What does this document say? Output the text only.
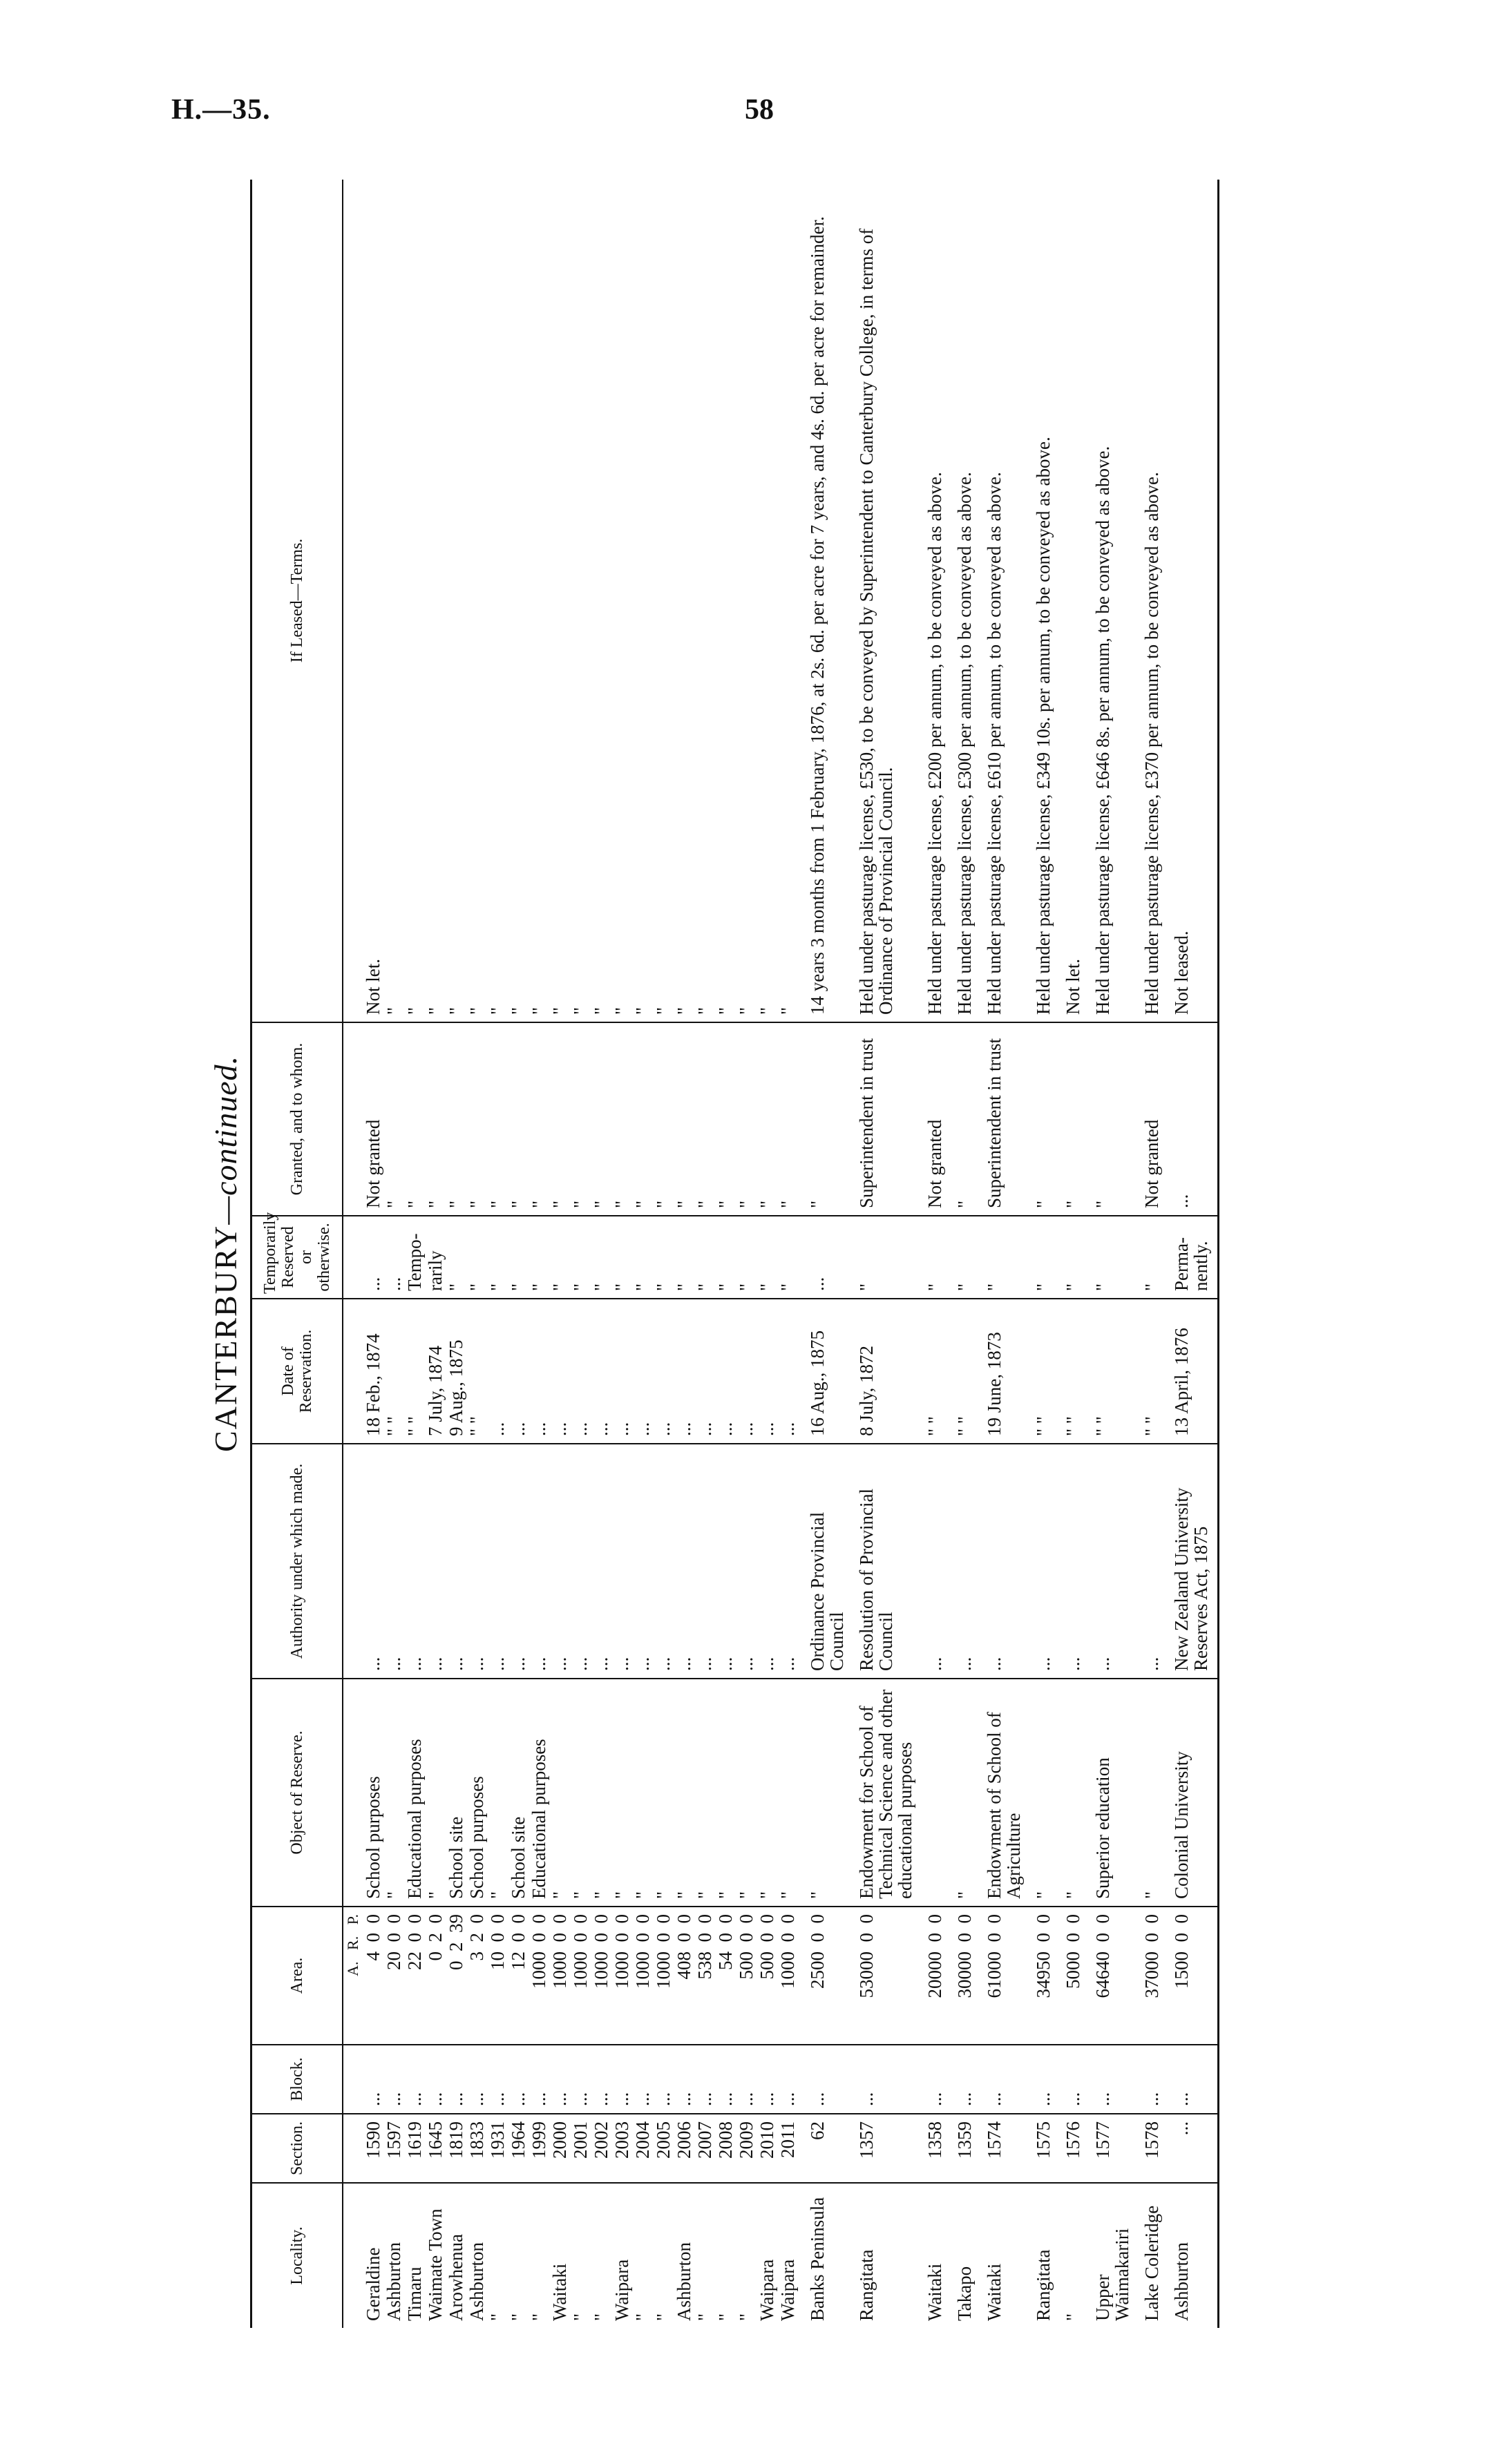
H.—35.	58
CANTERBURY—continued.
Locality.	Section.	Block.	Area.	Object of Reserve.	Authority under which made.	Date of Reservation.	Temporarily Reserved or otherwise.	Granted, and to whom.	If Leased—Terms.
			A.   R.   P.						
Geraldine	1590	...	4  0  0	School purposes	...	18 Feb., 1874	...	Not granted	Not let.
Ashburton	1597	...	20  0  0	"	...	" "	...	"	"
Timaru	1619	...	22  0  0	Educational purposes	...	" "	Tempo-	"	"
Waimate Town	1645	...	0  2  0	"	...	7 July, 1874	rarily	"	"
Arowhenua	1819	...	0  2  39	School site	...	9 Aug., 1875	"	"	"
Ashburton	1833	...	3  2  0	School purposes	...	" "	"	"	"
"	1931	...	10  0  0	"	...	...	"	"	"
"	1964	...	12  0  0	School site	...	...	"	"	"
"	1999	...	1000  0  0	Educational purposes	...	...	"	"	"
Waitaki	2000	...	1000  0  0	"	...	...	"	"	"
"	2001	...	1000  0  0	"	...	...	"	"	"
"	2002	...	1000  0  0	"	...	...	"	"	"
Waipara	2003	...	1000  0  0	"	...	...	"	"	"
"	2004	...	1000  0  0	"	...	...	"	"	"
"	2005	...	1000  0  0	"	...	...	"	"	"
Ashburton	2006	...	408  0  0	"	...	...	"	"	"
"	2007	...	538  0  0	"	...	...	"	"	"
"	2008	...	54  0  0	"	...	...	"	"	"
"	2009	...	500  0  0	"	...	...	"	"	"
Waipara	2010	...	500  0  0	"	...	...	"	"	"
Waipara	2011	...	1000  0  0	"	...	...	"	"	"
Banks Peninsula	62	...	2500  0  0	"	Ordinance Provincial Council	16 Aug., 1875	...	"	14 years 3 months from 1 February, 1876, at 2s. 6d. per acre for 7 years, and 4s. 6d. per acre for remainder.
Rangitata	1357	...	53000  0  0	Endowment for School of Technical Science and other educational purposes	Resolution of Provincial Council	8 July, 1872	"	Superintendent in trust	Held under pasturage license, £530, to be conveyed by Superintendent to Canterbury College, in terms of Ordinance of Provincial Council.
Waitaki	1358	...	20000  0  0		...	" "	"	Not granted	Held under pasturage license, £200 per annum, to be conveyed as above.
Takapo	1359	...	30000  0  0	"	...	" "	"	"	Held under pasturage license, £300 per annum, to be conveyed as above.
Waitaki	1574	...	61000  0  0	Endowment of School of Agriculture	...	19 June, 1873	"	Superintendent in trust	Held under pasturage license, £610 per annum, to be conveyed as above.
Rangitata	1575	...	34950  0  0	"	...	" "	"	"	Held under pasturage license, £349 10s. per annum, to be conveyed as above.
"	1576	...	5000  0  0	"	...	" "	"	"	Not let.
Upper Waimakariri	1577	...	64640  0  0	Superior education	...	" "	"	"	Held under pasturage license, £646 8s. per annum, to be conveyed as above.
Lake Coleridge	1578	...	37000  0  0	"	...	" "	"	Not granted	Held under pasturage license, £370 per annum, to be conveyed as above.
Ashburton	...	...	1500  0  0	Colonial University	New Zealand University Reserves Act, 1875	13 April, 1876	Perma-nently.	...	Not leased.
